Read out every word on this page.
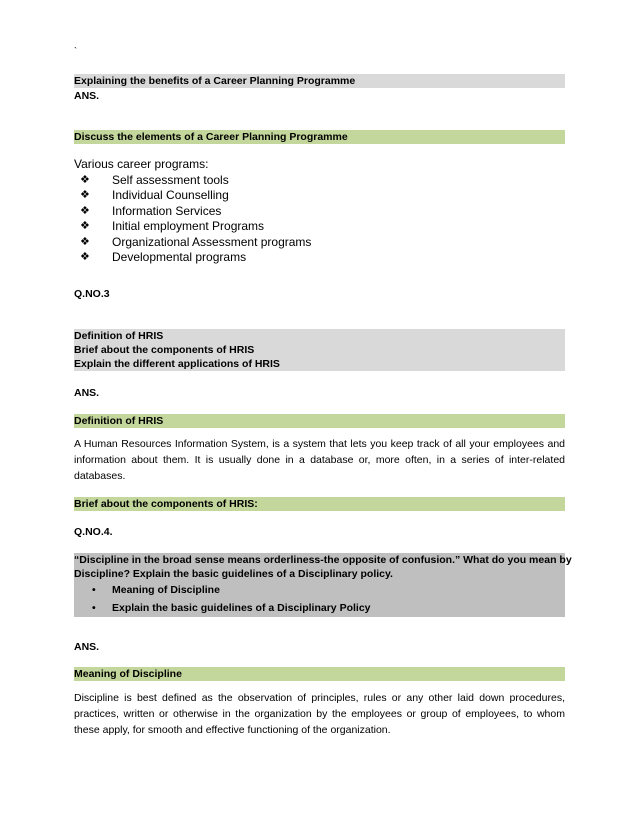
`
Explaining the benefits of a Career Planning Programme
ANS.
Discuss the elements of a Career Planning Programme
Various career programs:
❖ Self assessment tools
❖ Individual Counselling
❖ Information Services
❖ Initial employment Programs
❖ Organizational Assessment programs
❖ Developmental programs
Q.NO.3
Definition of HRIS
Brief about the components of HRIS
Explain the different applications of HRIS
ANS.
Definition of HRIS
A Human Resources Information System, is a system that lets you keep track of all your employees and information about them. It is usually done in a database or, more often, in a series of inter-related databases.
Brief about the components of HRIS:
Q.NO.4.
“Discipline in the broad sense means orderliness-the opposite of confusion.” What do you mean by
Discipline? Explain the basic guidelines of a Disciplinary policy.
• Meaning of Discipline
• Explain the basic guidelines of a Disciplinary Policy
ANS.
Meaning of Discipline
Discipline is best defined as the observation of principles, rules or any other laid down procedures, practices, written or otherwise in the organization by the employees or group of employees, to whom these apply, for smooth and effective functioning of the organization.
